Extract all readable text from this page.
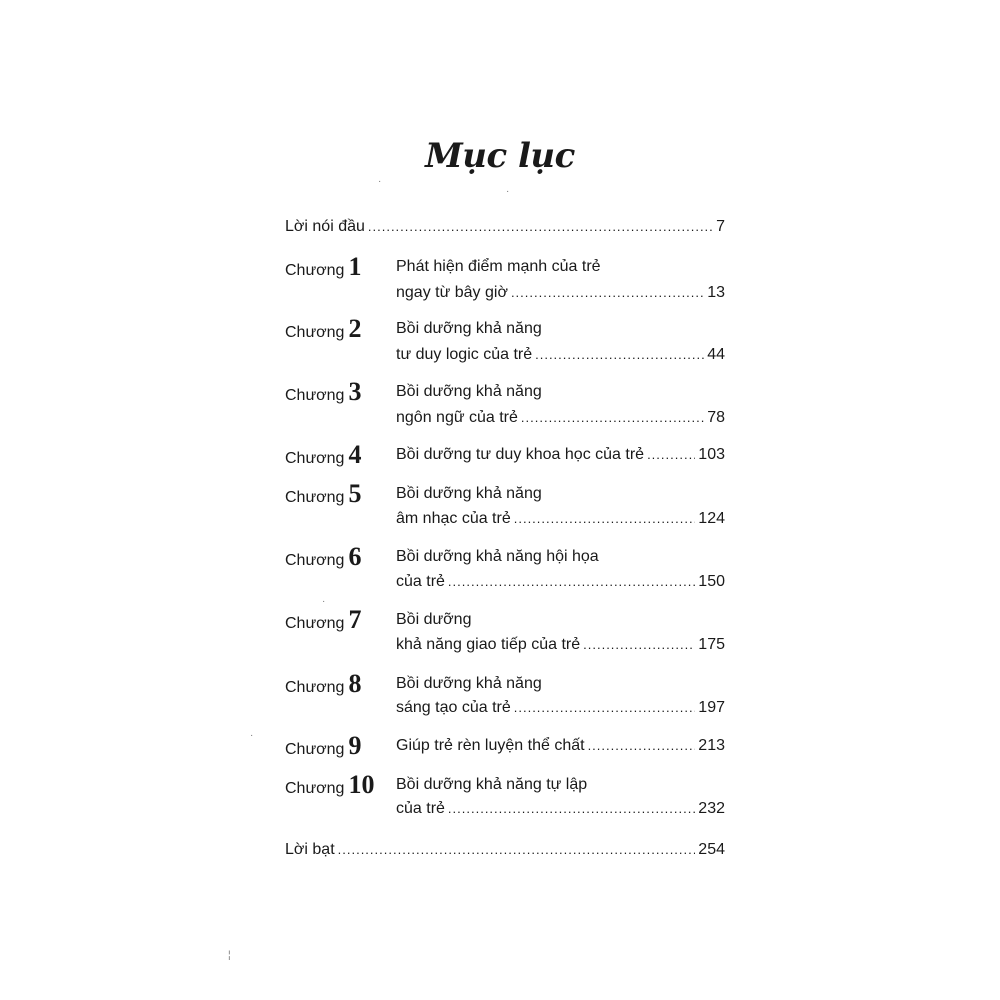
Mục lục
Lời nói đầu .....	7
Chương 1 Phát hiện điểm mạnh của trẻ
ngay từ bây giờ .....	13
Chương 2 Bồi dưỡng khả năng
tư duy logic của trẻ .....	44
Chương 3 Bồi dưỡng khả năng
ngôn ngữ của trẻ .....	78
Chương 4 Bồi dưỡng tư duy khoa học của trẻ .....	103
Chương 5 Bồi dưỡng khả năng
âm nhạc của trẻ .....	124
Chương 6 Bồi dưỡng khả năng hội họa
của trẻ .....	150
Chương 7 Bồi dưỡng
khả năng giao tiếp của trẻ .....	175
Chương 8 Bồi dưỡng khả năng
sáng tạo của trẻ .....	197
Chương 9 Giúp trẻ rèn luyện thể chất .....	213
Chương 10 Bồi dưỡng khả năng tự lập
của trẻ .....	232
Lời bạt .....	254
·
·
·
·
¦
